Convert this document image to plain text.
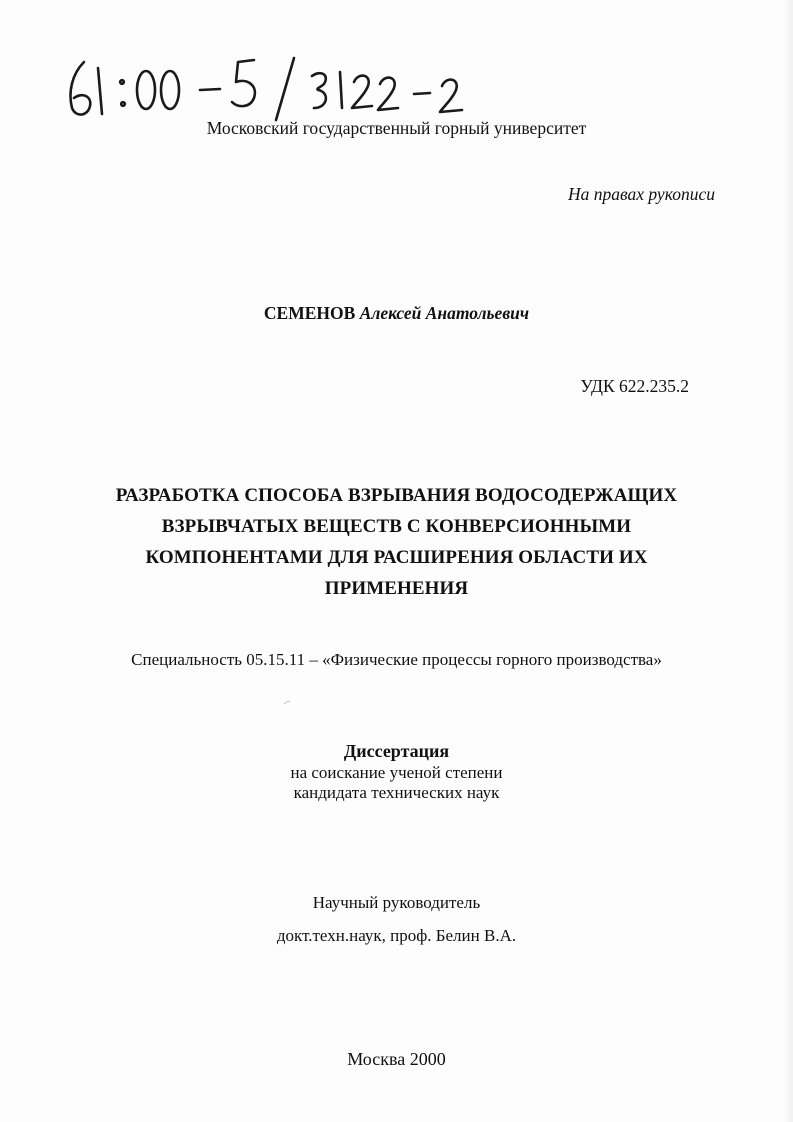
Московский государственный горный университет
На правах рукописи
СЕМЕНОВ Алексей Анатольевич
УДК 622.235.2
РАЗРАБОТКА СПОСОБА ВЗРЫВАНИЯ ВОДОСОДЕРЖАЩИХ
ВЗРЫВЧАТЫХ ВЕЩЕСТВ С КОНВЕРСИОННЫМИ
КОМПОНЕНТАМИ ДЛЯ РАСШИРЕНИЯ ОБЛАСТИ ИХ
ПРИМЕНЕНИЯ
Специальность 05.15.11 – «Физические процессы горного производства»
Диссертация
на соискание ученой степени
кандидата технических наук
Научный руководитель
докт.техн.наук, проф. Белин В.А.
Москва 2000
